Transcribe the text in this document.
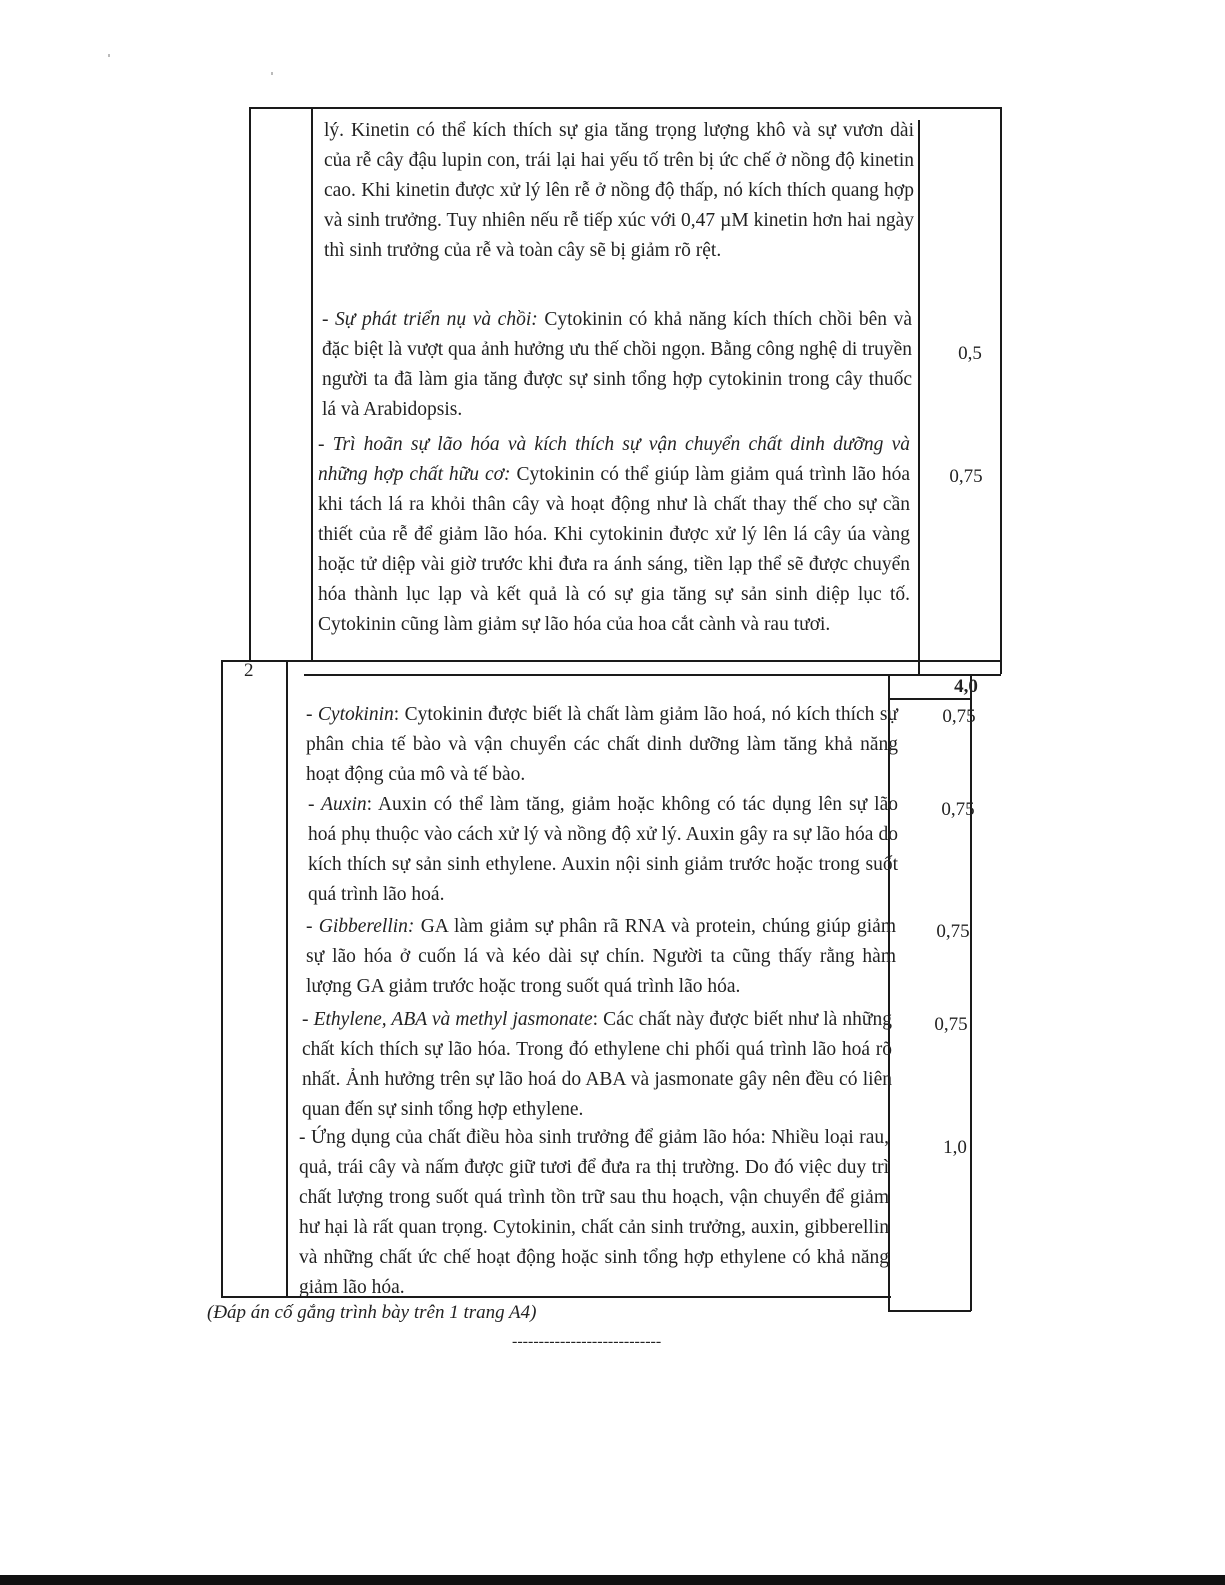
lý. Kinetin có thể kích thích sự gia tăng trọng lượng khô và sự vươn dài của rễ cây đậu lupin con, trái lại hai yếu tố trên bị ức chế ở nồng độ kinetin cao. Khi kinetin được xử lý lên rễ ở nồng độ thấp, nó kích thích quang hợp và sinh trưởng. Tuy nhiên nếu rễ tiếp xúc với 0,47 µM kinetin hơn hai ngày thì sinh trưởng của rễ và toàn cây sẽ bị giảm rõ rệt.

- Sự phát triển nụ và chồi: Cytokinin có khả năng kích thích chồi bên và đặc biệt là vượt qua ảnh hưởng ưu thế chồi ngọn. Bằng công nghệ di truyền người ta đã làm gia tăng được sự sinh tổng hợp cytokinin trong cây thuốc lá và Arabidopsis.

0,5

- Trì hoãn sự lão hóa và kích thích sự vận chuyển chất dinh dưỡng và những hợp chất hữu cơ: Cytokinin có thể giúp làm giảm quá trình lão hóa khi tách lá ra khỏi thân cây và hoạt động như là chất thay thế cho sự cần thiết của rễ để giảm lão hóa. Khi cytokinin được xử lý lên lá cây úa vàng hoặc tử diệp vài giờ trước khi đưa ra ánh sáng, tiền lạp thể sẽ được chuyển hóa thành lục lạp và kết quả là có sự gia tăng sự sản sinh diệp lục tố. Cytokinin cũng làm giảm sự lão hóa của hoa cắt cành và rau tươi.

0,75
2
4,0

- Cytokinin: Cytokinin được biết là chất làm giảm lão hoá, nó kích thích sự phân chia tế bào và vận chuyển các chất dinh dưỡng làm tăng khả năng hoạt động của mô và tế bào.

0,75

- Auxin: Auxin có thể làm tăng, giảm hoặc không có tác dụng lên sự lão hoá phụ thuộc vào cách xử lý và nồng độ xử lý. Auxin gây ra sự lão hóa do kích thích sự sản sinh ethylene. Auxin nội sinh giảm trước hoặc trong suốt quá trình lão hoá.

0,75

- Gibberellin: GA làm giảm sự phân rã RNA và protein, chúng giúp giảm sự lão hóa ở cuốn lá và kéo dài sự chín. Người ta cũng thấy rằng hàm lượng GA giảm trước hoặc trong suốt quá trình lão hóa.

0,75

- Ethylene, ABA và methyl jasmonate: Các chất này được biết như là những chất kích thích sự lão hóa. Trong đó ethylene chi phối quá trình lão hoá rõ nhất. Ảnh hưởng trên sự lão hoá do ABA và jasmonate gây nên đều có liên quan đến sự sinh tổng hợp ethylene.

0,75

- Ứng dụng của chất điều hòa sinh trưởng để giảm lão hóa: Nhiều loại rau, quả, trái cây và nấm được giữ tươi để đưa ra thị trường. Do đó việc duy trì chất lượng trong suốt quá trình tồn trữ sau thu hoạch, vận chuyển để giảm hư hại là rất quan trọng. Cytokinin, chất cản sinh trưởng, auxin, gibberellin và những chất ức chế hoạt động hoặc sinh tổng hợp ethylene có khả năng giảm lão hóa.

1,0
(Đáp án cố gắng trình bày trên 1 trang A4)
----------------------------
